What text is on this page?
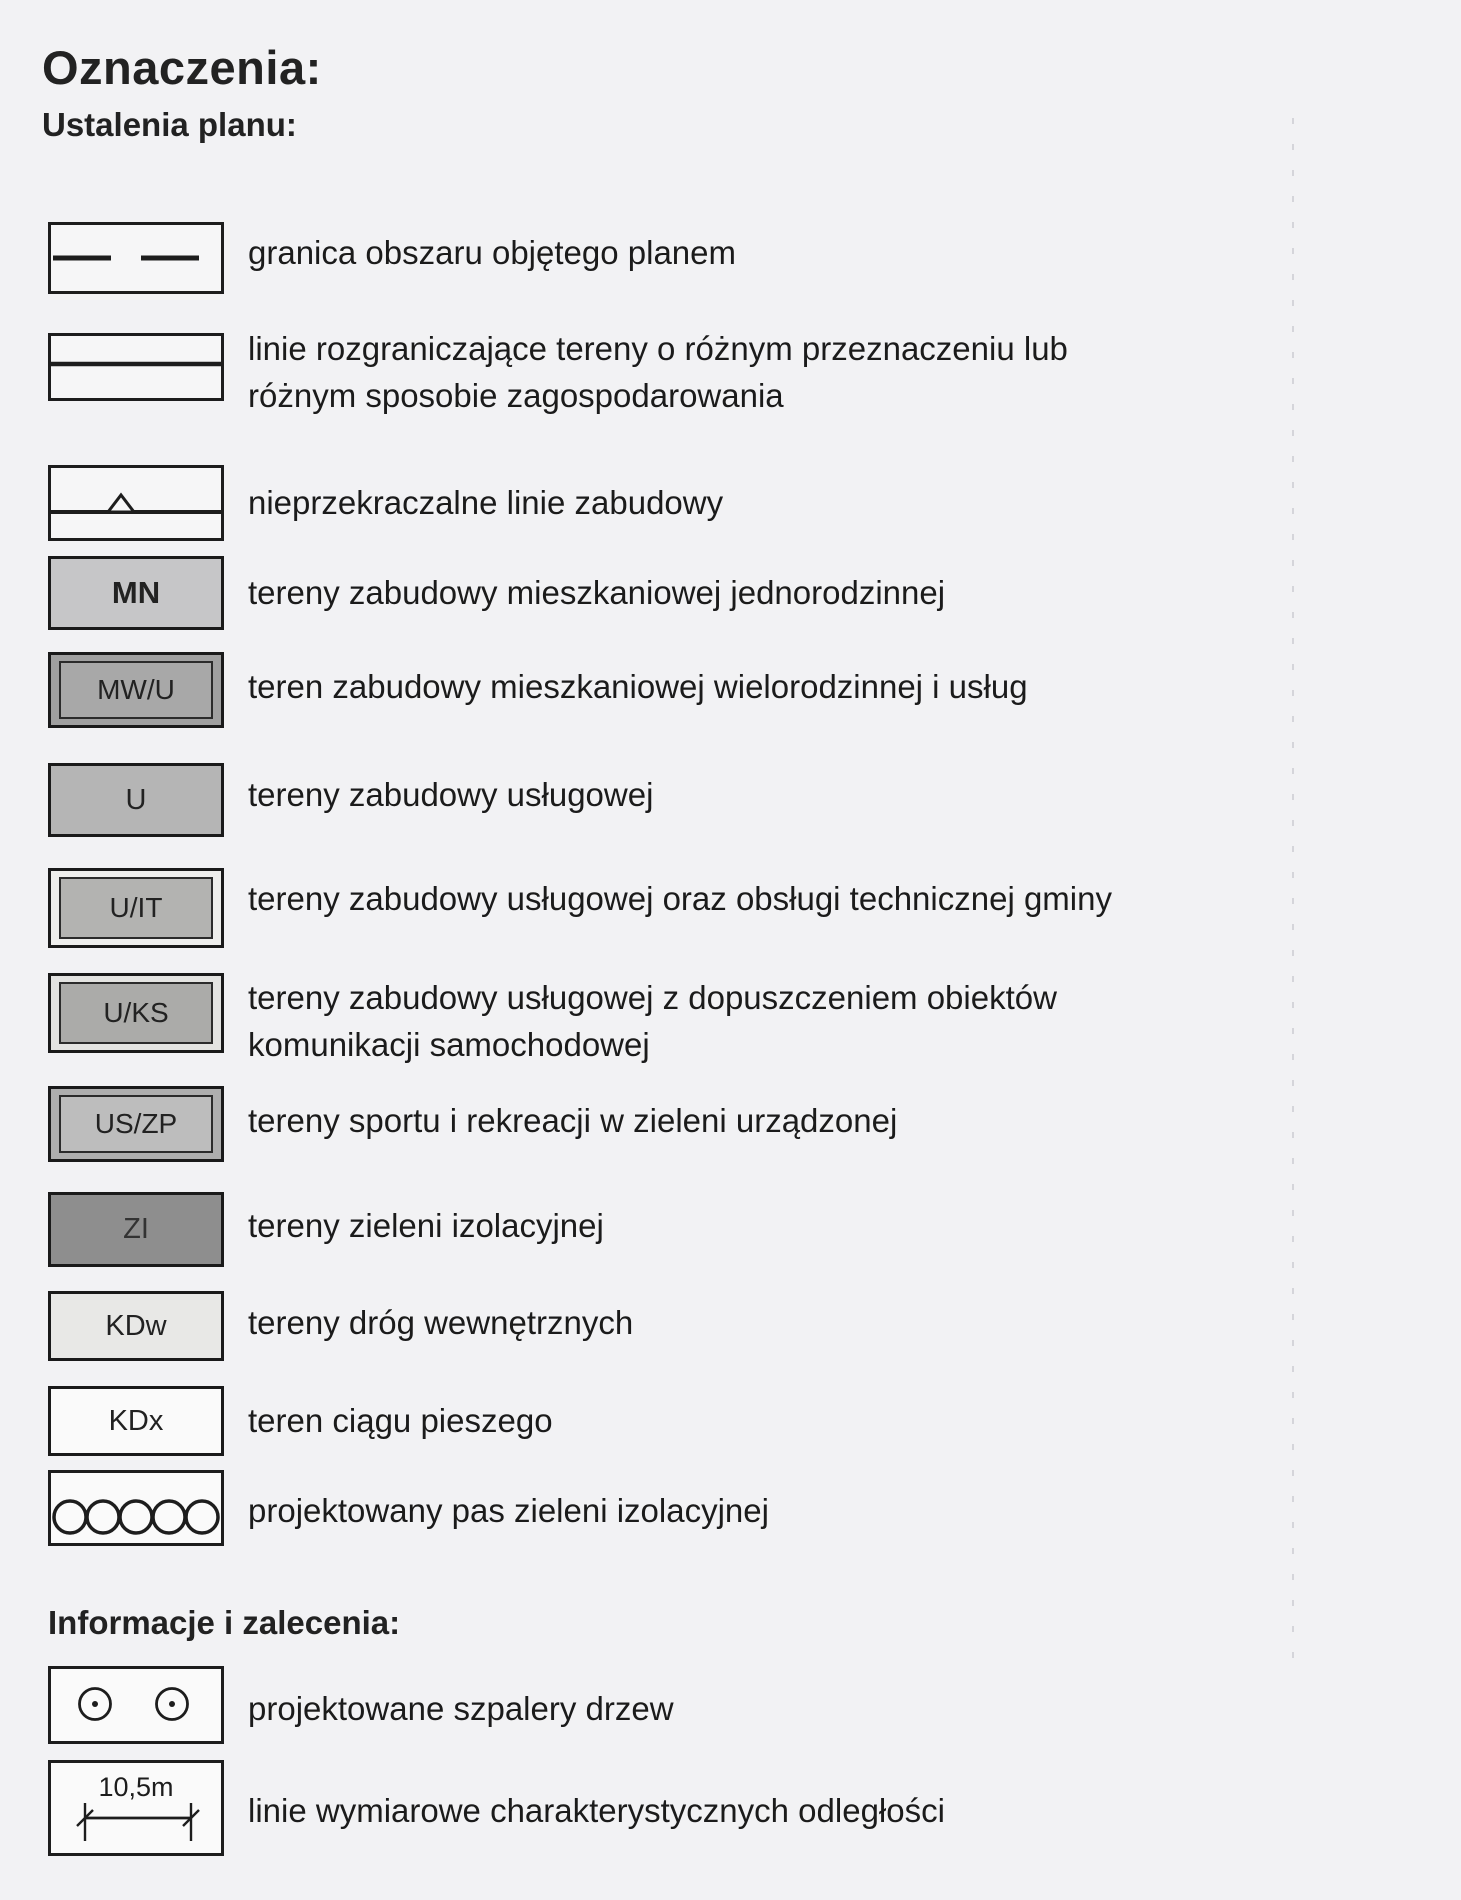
Oznaczenia:
Ustalenia planu:
granica obszaru objętego planem
linie rozgraniczające tereny o różnym przeznaczeniu lub różnym sposobie zagospodarowania
nieprzekraczalne linie zabudowy
MN	tereny zabudowy mieszkaniowej jednorodzinnej
MW/U	teren zabudowy mieszkaniowej wielorodzinnej i usług
U	tereny zabudowy usługowej
U/IT	tereny zabudowy usługowej oraz obsługi technicznej gminy
U/KS	tereny zabudowy usługowej z dopuszczeniem obiektów komunikacji samochodowej
US/ZP	tereny sportu i rekreacji w zieleni urządzonej
ZI	tereny zieleni izolacyjnej
KDw tereny dróg wewnętrznych
KDx	teren ciągu pieszego
projektowany pas zieleni izolacyjnej
Informacje i zalecenia:
projektowane szpalery drzew
10,5m
linie wymiarowe charakterystycznych odległości
